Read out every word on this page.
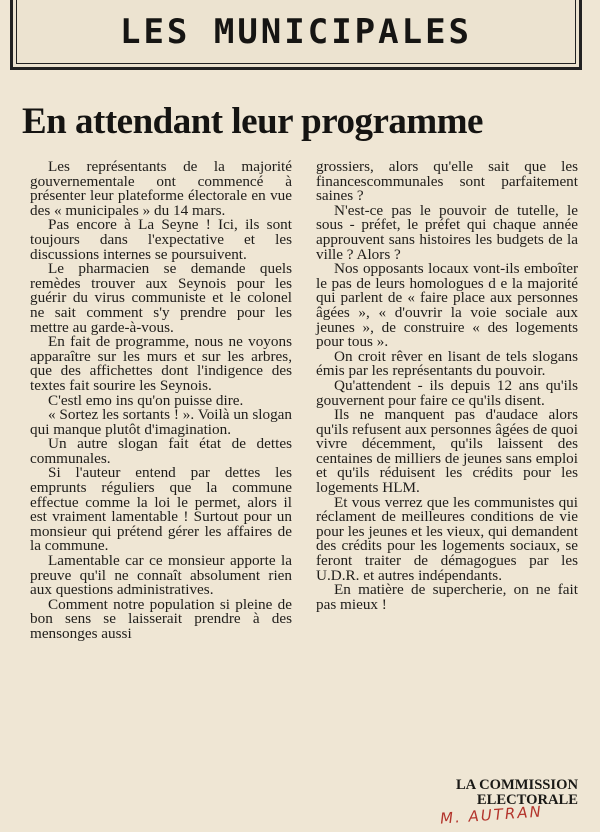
LES MUNICIPALES
En attendant leur programme

Les représentants de la majorité gouvernementale ont commencé à présenter leur plateforme électorale en vue des « municipales » du 14 mars.

Pas encore à La Seyne ! Ici, ils sont toujours dans l'expectative et les discussions internes se poursuivent.

Le pharmacien se demande quels remèdes trouver aux Seynois pour les guérir du virus communiste et le colonel ne sait comment s'y prendre pour les mettre au garde-à-vous.

En fait de programme, nous ne voyons apparaître sur les murs et sur les arbres, que des affichettes dont l'indigence des textes fait sourire les Seynois.

C'estl emo ins qu'on puisse dire.

« Sortez les sortants ! ». Voilà un slogan qui manque plutôt d'imagination.

Un autre slogan fait état de dettes communales.

Si l'auteur entend par dettes les emprunts réguliers que la commune effectue comme la loi le permet, alors il est vraiment lamentable ! Surtout pour un monsieur qui prétend gérer les affaires de la commune.

Lamentable car ce monsieur apporte la preuve qu'il ne connaît absolument rien aux questions administratives.

Comment notre population si pleine de bon sens se laisserait prendre à des mensonges aussi

grossiers, alors qu'elle sait que les financescommunales sont parfaitement saines ?

N'est-ce pas le pouvoir de tutelle, le sous - préfet, le préfet qui chaque année approuvent sans histoires les budgets de la ville ? Alors ?

Nos opposants locaux vont-ils emboîter le pas de leurs homologues d e la majorité qui parlent de « faire place aux personnes âgées », « d'ouvrir la voie sociale aux jeunes », de construire « des logements pour tous ».

On croit rêver en lisant de tels slogans émis par les représentants du pouvoir.

Qu'attendent - ils depuis 12 ans qu'ils gouvernent pour faire ce qu'ils disent.

Ils ne manquent pas d'audace alors qu'ils refusent aux personnes âgées de quoi vivre décemment, qu'ils laissent des centaines de milliers de jeunes sans emploi et qu'ils réduisent les crédits pour les logements HLM.

Et vous verrez que les communistes qui réclament de meilleures conditions de vie pour les jeunes et les vieux, qui demandent des crédits pour les logements sociaux, se feront traiter de démagogues par les U.D.R. et autres indépendants.

En matière de supercherie, on ne fait pas mieux !

LA COMMISSION
ELECTORALE
M. AUTRAN
